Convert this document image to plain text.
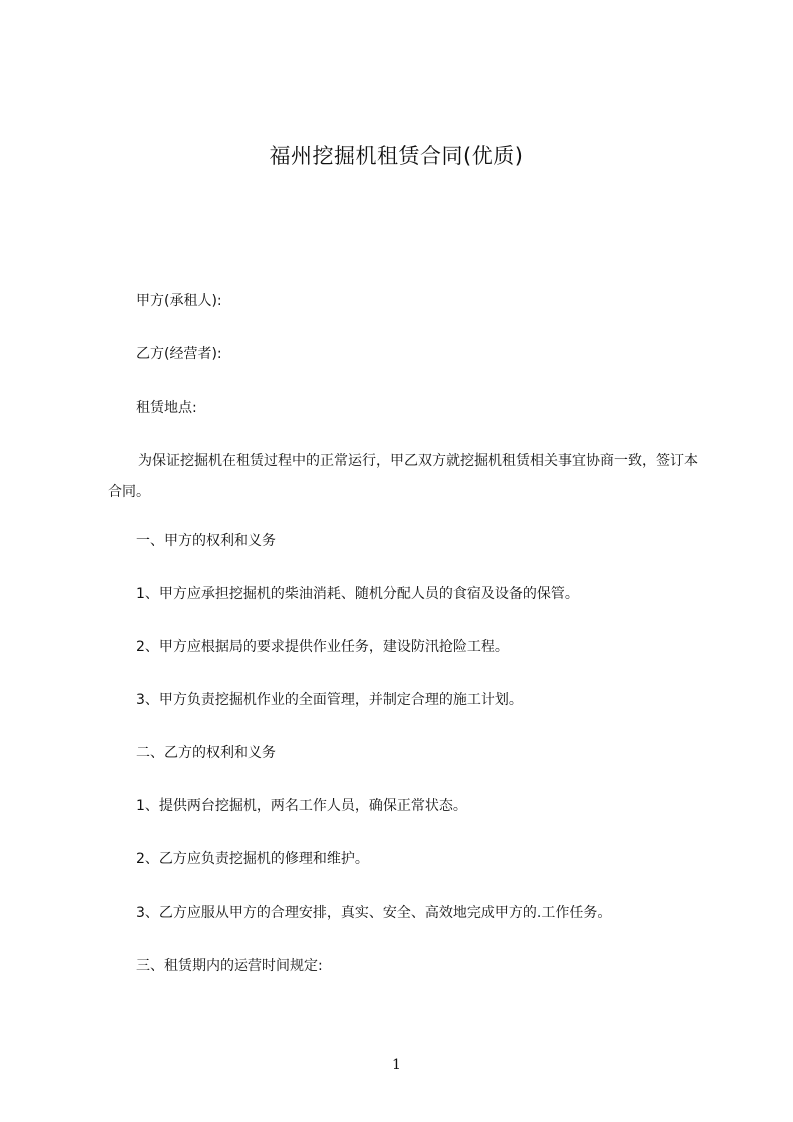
福州挖掘机租赁合同(优质)
甲方(承租人):
乙方(经营者):
租赁地点:
为保证挖掘机在租赁过程中的正常运行，甲乙双方就挖掘机租赁相关事宜协商一致，签订本合同。
一、甲方的权利和义务
1、甲方应承担挖掘机的柴油消耗、随机分配人员的食宿及设备的保管。
2、甲方应根据局的要求提供作业任务，建设防汛抢险工程。
3、甲方负责挖掘机作业的全面管理，并制定合理的施工计划。
二、乙方的权利和义务
1、提供两台挖掘机，两名工作人员，确保正常状态。
2、乙方应负责挖掘机的修理和维护。
3、乙方应服从甲方的合理安排，真实、安全、高效地完成甲方的.工作任务。
三、租赁期内的运营时间规定:
1
